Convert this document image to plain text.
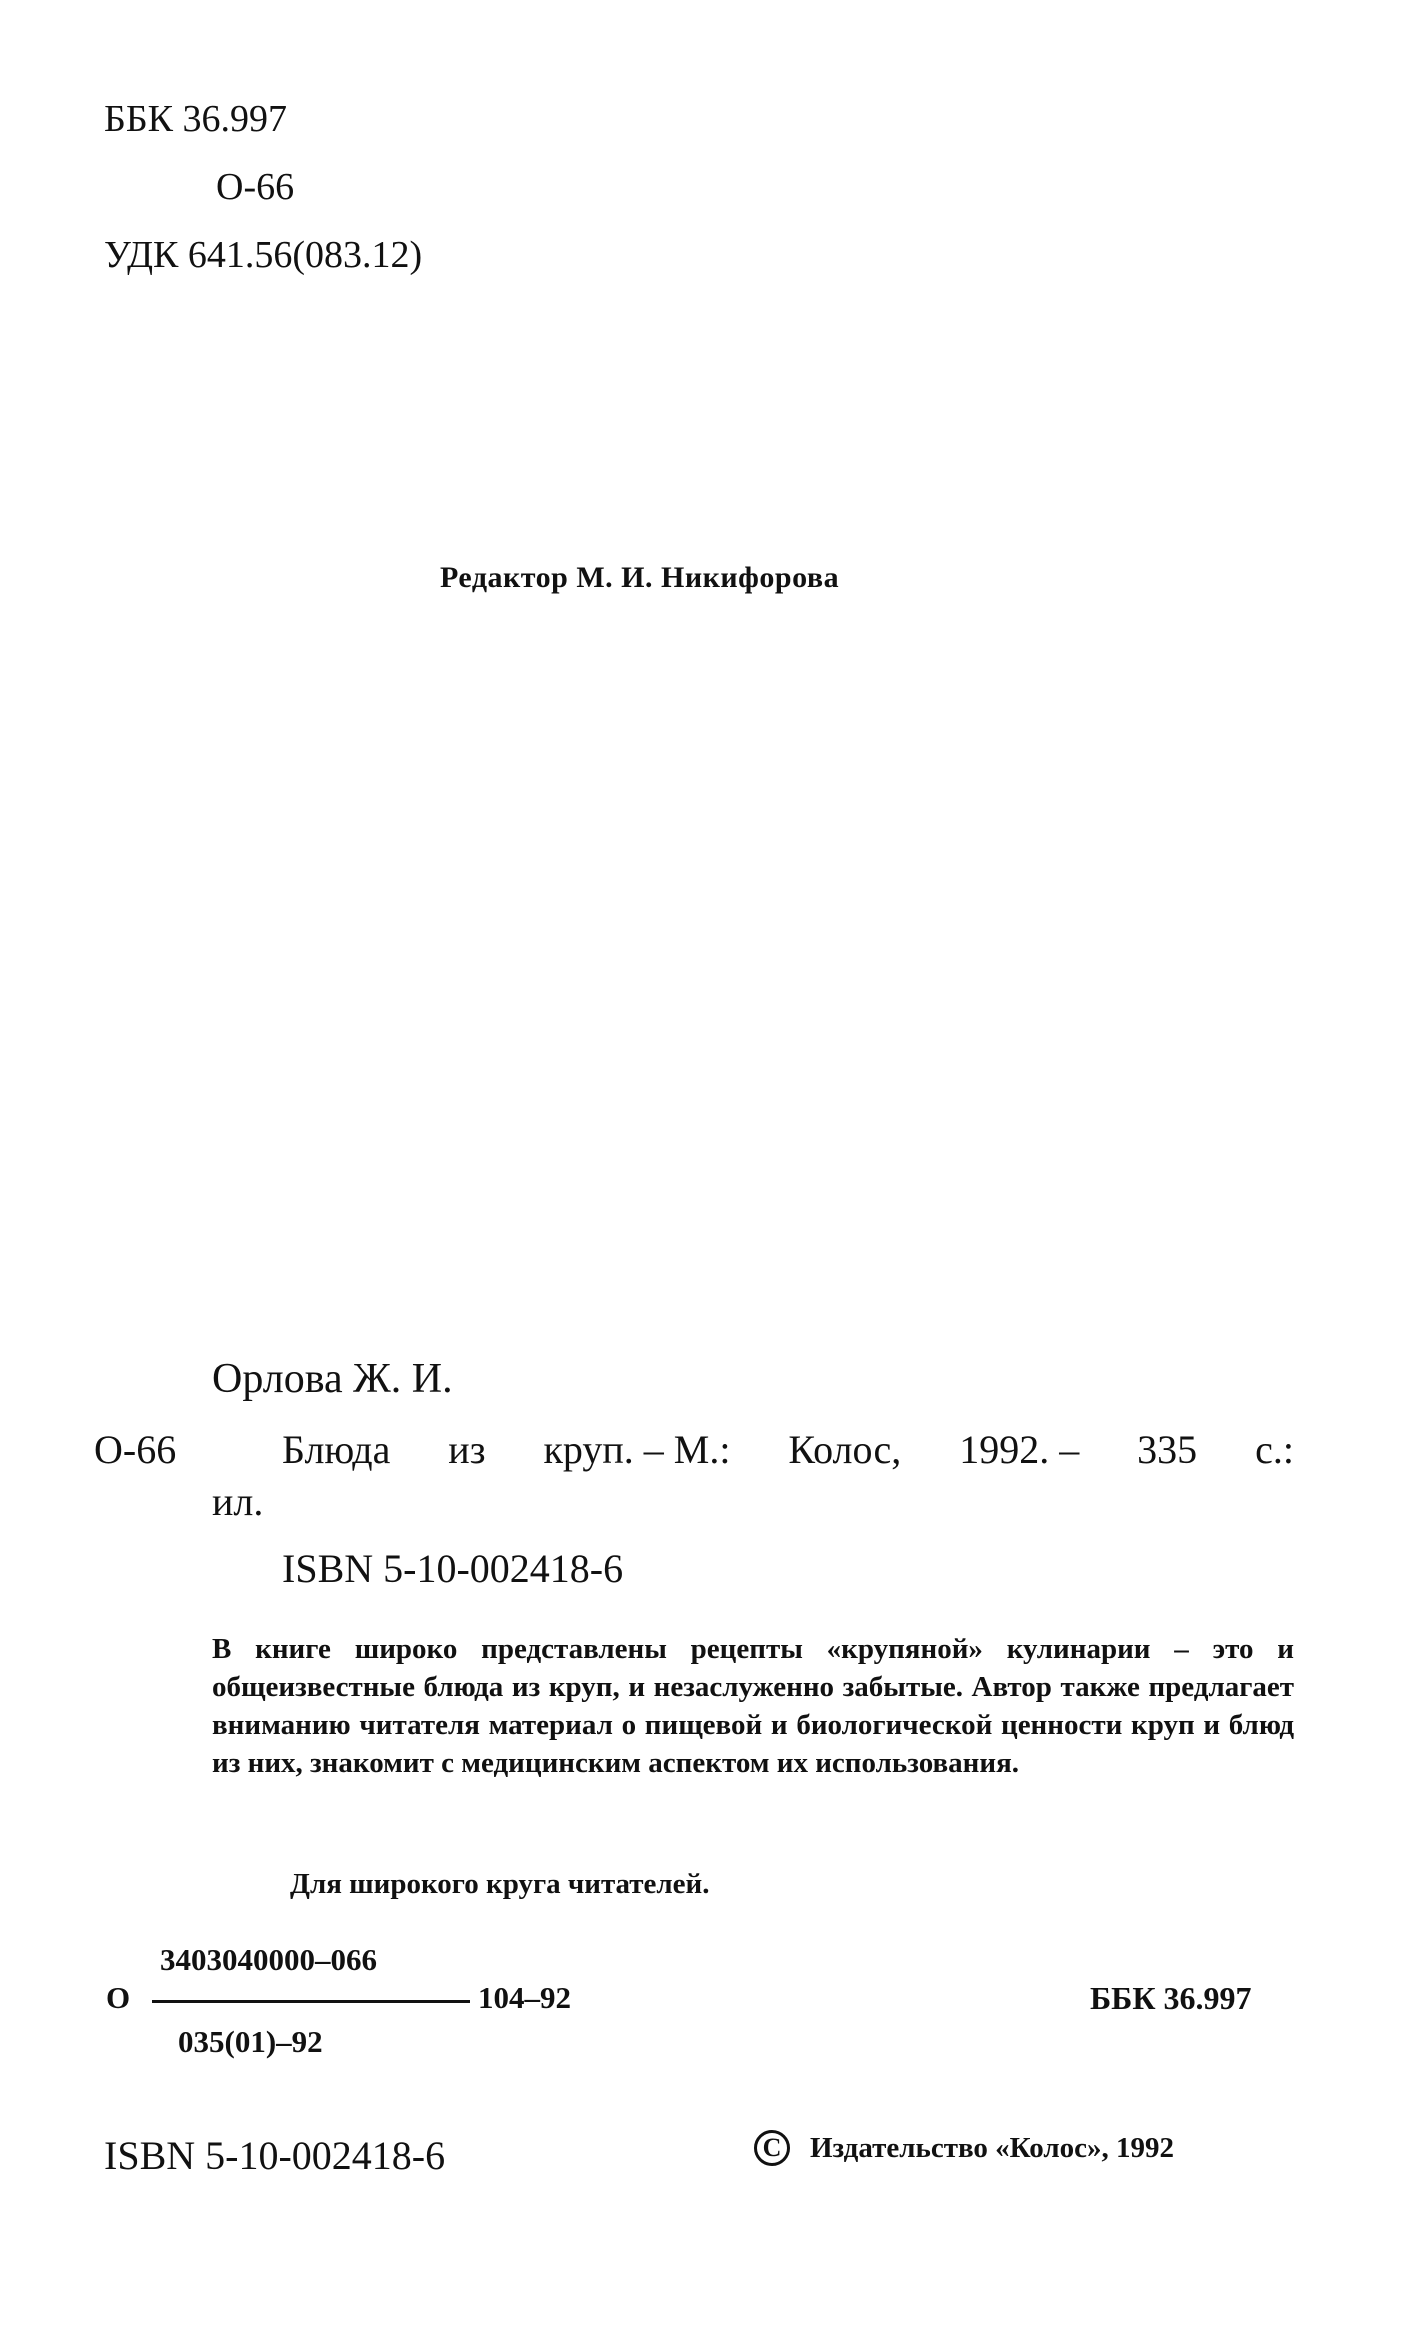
ББК 36.997
О-66
УДК 641.56(083.12)
Редактор М. И. Никифорова
Орлова Ж. И.
О-66	Блюда из круп. – М.: Колос, 1992. – 335 с.:
ил.
ISBN 5-10-002418-6
В книге широко представлены рецепты «крупяной» кулинарии – это и общеизвестные блюда из круп, и незаслуженно забытые. Автор также предлагает вниманию читателя материал о пищевой и биологической ценности круп и блюд из них, знакомит с медицинским аспектом их использования.
Для широкого круга читателей.
О
3403040000–066
035(01)–92
104–92	ББК 36.997
ISBN 5-10-002418-6	C Издательство «Колос», 1992
